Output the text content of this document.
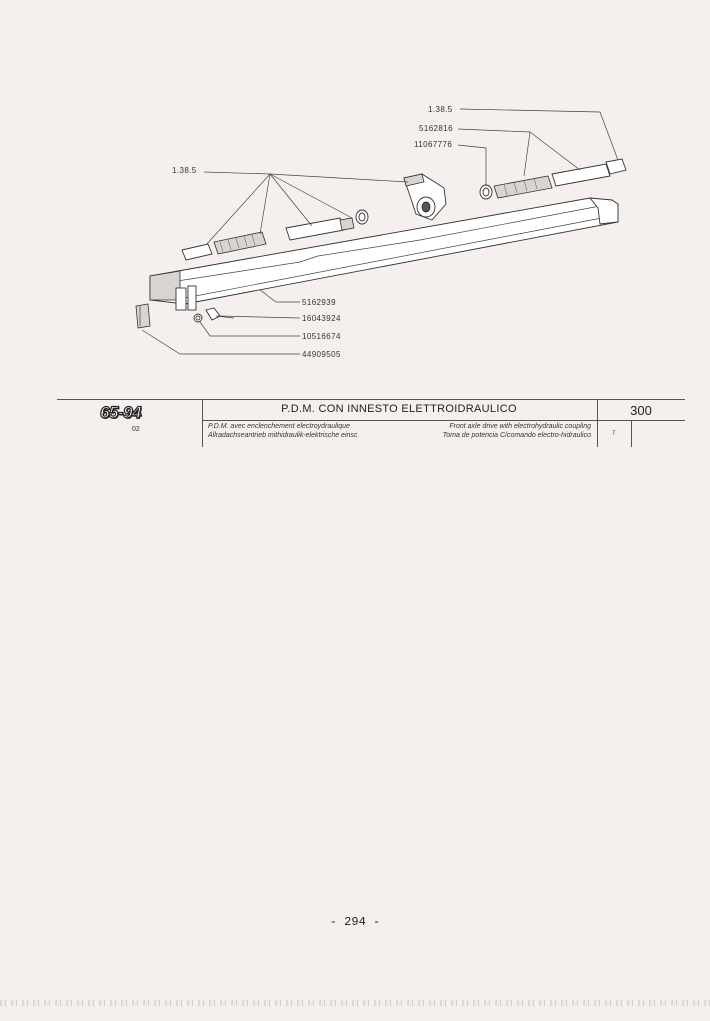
1.38.5
5162816
11067776
1.38.5
5162939
16043924
10516674
44909505
65-94
02
P.D.M. CON INNESTO ELETTROIDRAULICO	300
P.D.M. avec enclenchement electroydraulique
Allradachseantrieb mithidraulik-elektrische einsc.
Front axle drive with electrohydraulic coupling
Toma de potencia C/comando electro-hidraulico	7
- 294 -
